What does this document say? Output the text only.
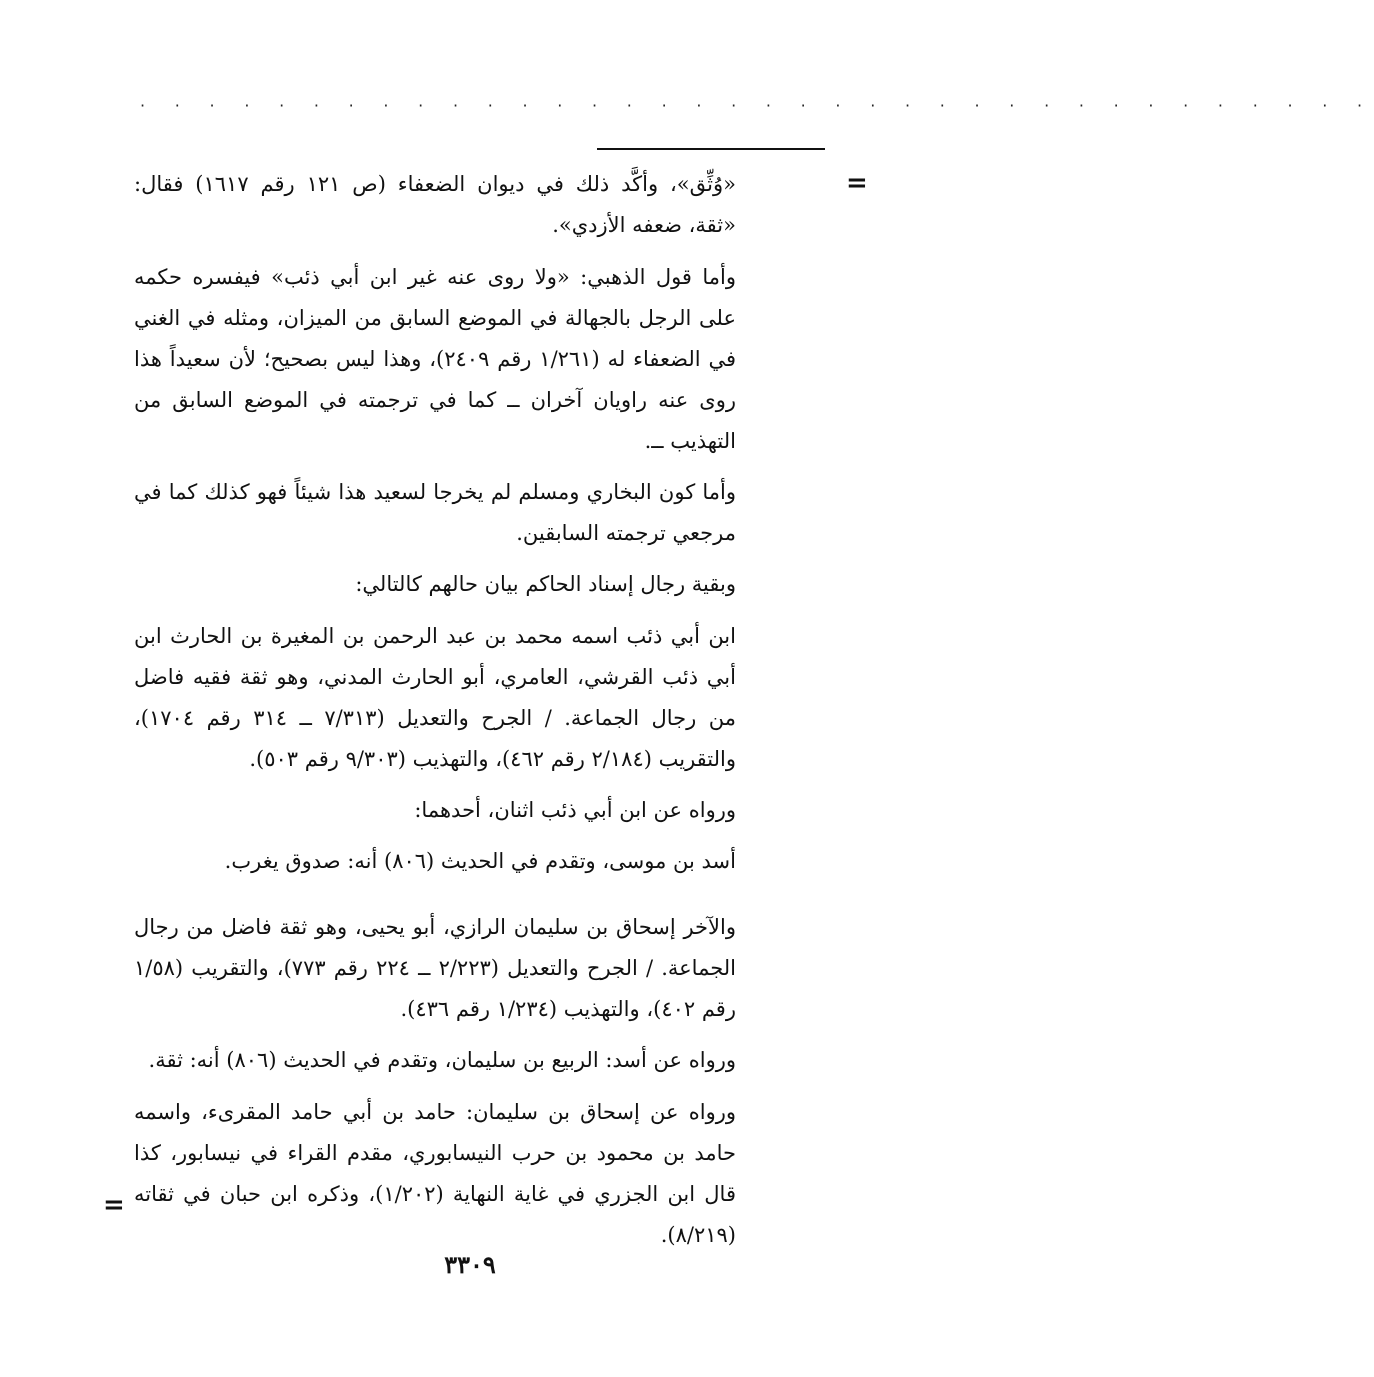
· · · · · · · · · · · · · · · · · · · · · · · · · · · · · · · · · · · ·
=

«وُثِّق»، وأكَّد ذلك في ديوان الضعفاء (ص ١٢١ رقم ١٦١٧) فقال: «ثقة، ضعفه الأزدي».

وأما قول الذهبي: «ولا روى عنه غير ابن أبي ذئب» فيفسره حكمه على الرجل بالجهالة في الموضع السابق من الميزان، ومثله في الغني في الضعفاء له (١/٢٦١ رقم ٢٤٠٩)، وهذا ليس بصحيح؛ لأن سعيداً هذا روى عنه راويان آخران ــ كما في ترجمته في الموضع السابق من التهذيب ــ.

وأما كون البخاري ومسلم لم يخرجا لسعيد هذا شيئاً فهو كذلك كما في مرجعي ترجمته السابقين.

وبقية رجال إسناد الحاكم بيان حالهم كالتالي:

ابن أبي ذئب اسمه محمد بن عبد الرحمن بن المغيرة بن الحارث ابن أبي ذئب القرشي، العامري، أبو الحارث المدني، وهو ثقة فقيه فاضل من رجال الجماعة. / الجرح والتعديل (٧/٣١٣ ــ ٣١٤ رقم ١٧٠٤)، والتقريب (٢/١٨٤ رقم ٤٦٢)، والتهذيب (٩/٣٠٣ رقم ٥٠٣).

ورواه عن ابن أبي ذئب اثنان، أحدهما:

أسد بن موسى، وتقدم في الحديث (٨٠٦) أنه: صدوق يغرب.

والآخر إسحاق بن سليمان الرازي، أبو يحيى، وهو ثقة فاضل من رجال الجماعة. / الجرح والتعديل (٢/٢٢٣ ــ ٢٢٤ رقم ٧٧٣)، والتقريب (١/٥٨ رقم ٤٠٢)، والتهذيب (١/٢٣٤ رقم ٤٣٦).

ورواه عن أسد: الربيع بن سليمان، وتقدم في الحديث (٨٠٦) أنه: ثقة.

ورواه عن إسحاق بن سليمان: حامد بن أبي حامد المقرىء، واسمه حامد بن محمود بن حرب النيسابوري، مقدم القراء في نيسابور، كذا قال ابن الجزري في غاية النهاية (١/٢٠٢)، وذكره ابن حبان في ثقاته (٨/٢١٩).

=
٣٣٠٩
